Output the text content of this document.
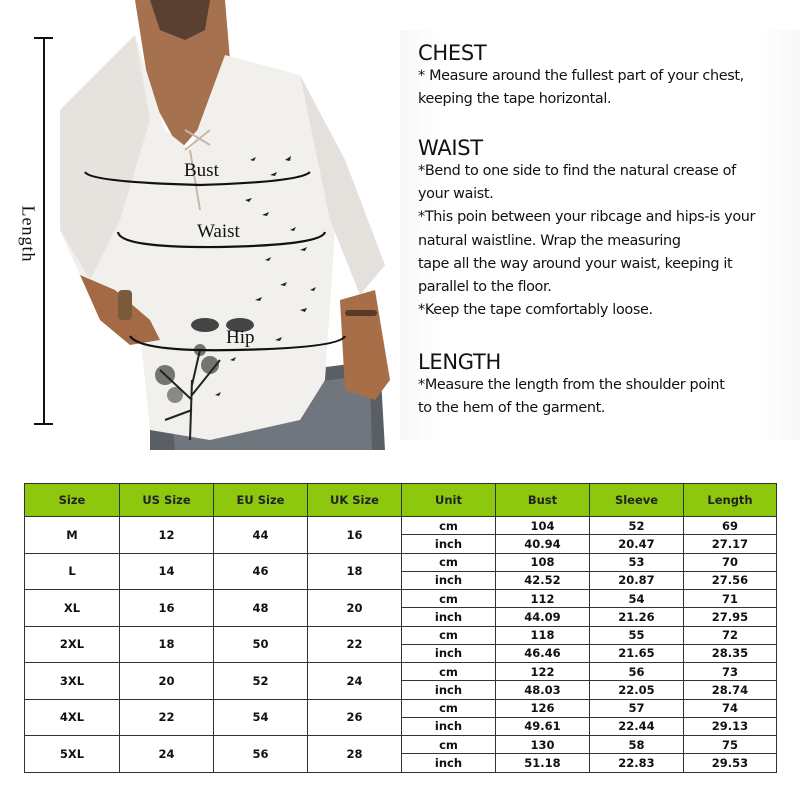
Length
Bust
Waist
Hip
CHEST

* Measure around the fullest part of your chest,

keeping the tape horizontal.

WAIST

*Bend to one side to find the natural crease of

your waist.

*This poin between your ribcage and hips-is your

natural waistline. Wrap the measuring

tape all the way around your waist, keeping it

parallel to the floor.

*Keep the tape comfortably loose.

LENGTH

*Measure the length from the shoulder point

to the hem of the garment.

Size	US Size	EU Size	UK Size	Unit	Bust	Sleeve	Length
M	12	44	16	cm	104	52	69
				inch	40.94	20.47	27.17
L	14	46	18	cm	108	53	70
				inch	42.52	20.87	27.56
XL	16	48	20	cm	112	54	71
				inch	44.09	21.26	27.95
2XL	18	50	22	cm	118	55	72
				inch	46.46	21.65	28.35
3XL	20	52	24	cm	122	56	73
				inch	48.03	22.05	28.74
4XL	22	54	26	cm	126	57	74
				inch	49.61	22.44	29.13
5XL	24	56	28	cm	130	58	75
				inch	51.18	22.83	29.53
